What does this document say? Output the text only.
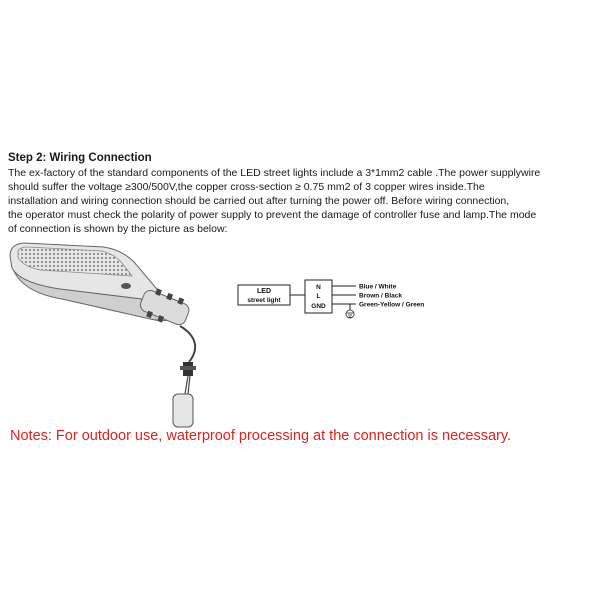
Step 2: Wiring Connection
The ex-factory of the standard components of the LED street lights include a 3*1mm2 cable .The power supplywire
should suffer the voltage ≥300/500V,the copper cross-section ≥ 0.75 mm2 of 3 copper wires inside.The
installation and wiring connection should be carried out after turning the power off. Before wiring connection,
the operator must check the polarity of power supply to prevent the damage of controller fuse and lamp.The mode
of connection is shown by the picture as below:
LED
street light
N
L
GND
Blue / White
Brown / Black
Green-Yellow / Green
Notes: For outdoor use, waterproof processing at the connection is necessary.
